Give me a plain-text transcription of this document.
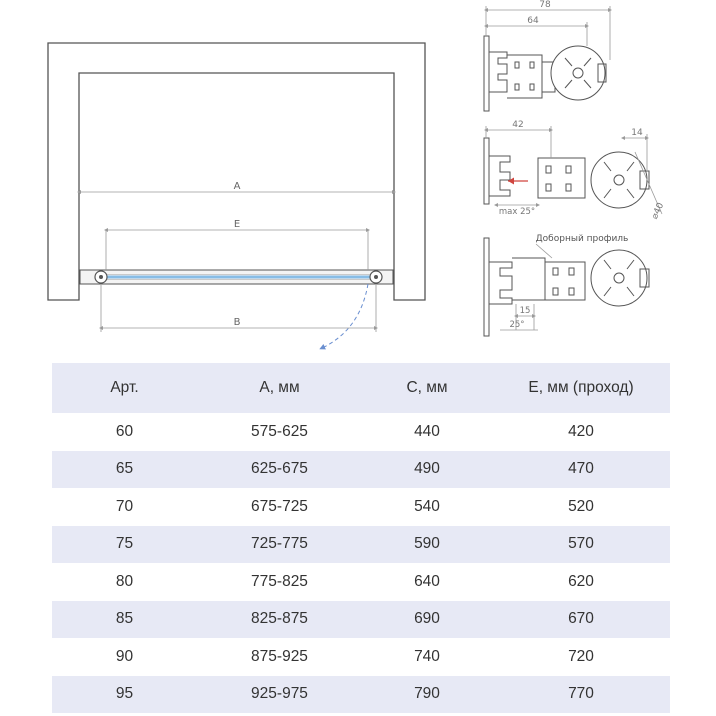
A
E
B
78
64
42
14
⌀40
max 25°
Доборный профиль
15
25°
Арт.	A, мм	C, мм	E, мм (проход)
60	575-625	440	420
65	625-675	490	470
70	675-725	540	520
75	725-775	590	570
80	775-825	640	620
85	825-875	690	670
90	875-925	740	720
95	925-975	790	770
